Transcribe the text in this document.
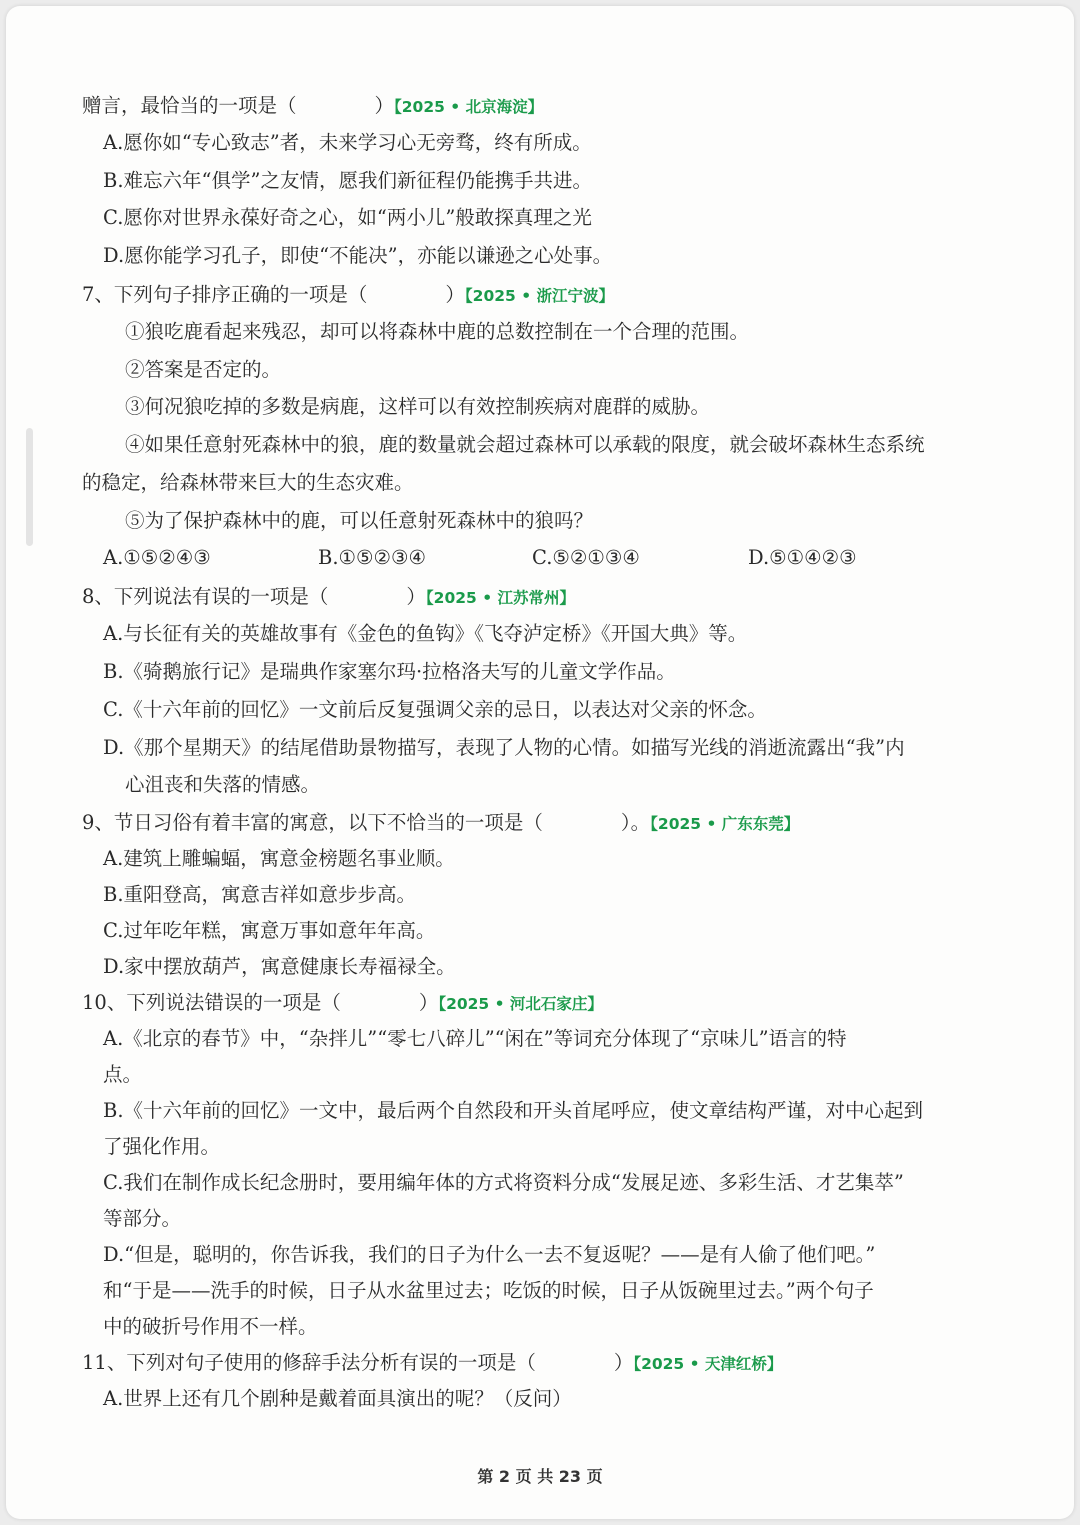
赠言，最恰当的一项是（　　　　）【2025 • 北京海淀】
A.愿你如“专心致志”者，未来学习心无旁骛，终有所成。
B.难忘六年“俱学”之友情，愿我们新征程仍能携手共进。
C.愿你对世界永葆好奇之心，如“两小儿”般敢探真理之光
D.愿你能学习孔子，即使“不能决”，亦能以谦逊之心处事。
7、下列句子排序正确的一项是（　　　　）【2025 • 浙江宁波】
①狼吃鹿看起来残忍，却可以将森林中鹿的总数控制在一个合理的范围。
②答案是否定的。
③何况狼吃掉的多数是病鹿，这样可以有效控制疾病对鹿群的威胁。
④如果任意射死森林中的狼，鹿的数量就会超过森林可以承载的限度，就会破坏森林生态系统
的稳定，给森林带来巨大的生态灾难。
⑤为了保护森林中的鹿，可以任意射死森林中的狼吗？
A.①⑤②④③	B.①⑤②③④	C.⑤②①③④	D.⑤①④②③
8、下列说法有误的一项是（　　　　）【2025 • 江苏常州】
A.与长征有关的英雄故事有《金色的鱼钩》《飞夺泸定桥》《开国大典》等。
B.《骑鹅旅行记》是瑞典作家塞尔玛·拉格洛夫写的儿童文学作品。
C.《十六年前的回忆》一文前后反复强调父亲的忌日，以表达对父亲的怀念。
D.《那个星期天》的结尾借助景物描写，表现了人物的心情。如描写光线的消逝流露出“我”内
心沮丧和失落的情感。
9、节日习俗有着丰富的寓意，以下不恰当的一项是（　　　　）。【2025 • 广东东莞】
A.建筑上雕蝙蝠，寓意金榜题名事业顺。
B.重阳登高，寓意吉祥如意步步高。
C.过年吃年糕，寓意万事如意年年高。
D.家中摆放葫芦，寓意健康长寿福禄全。
10、下列说法错误的一项是（　　　　）【2025 • 河北石家庄】
A.《北京的春节》中，“杂拌儿”“零七八碎儿”“闲在”等词充分体现了“京味儿”语言的特
点。
B.《十六年前的回忆》一文中，最后两个自然段和开头首尾呼应，使文章结构严谨，对中心起到
了强化作用。
C.我们在制作成长纪念册时，要用编年体的方式将资料分成“发展足迹、多彩生活、才艺集萃”
等部分。
D.“但是，聪明的，你告诉我，我们的日子为什么一去不复返呢？——是有人偷了他们吧。”
和“于是——洗手的时候，日子从水盆里过去；吃饭的时候，日子从饭碗里过去。”两个句子
中的破折号作用不一样。
11、下列对句子使用的修辞手法分析有误的一项是（　　　　）【2025 • 天津红桥】
A.世界上还有几个剧种是戴着面具演出的呢？（反问）
第 2 页 共 23 页
